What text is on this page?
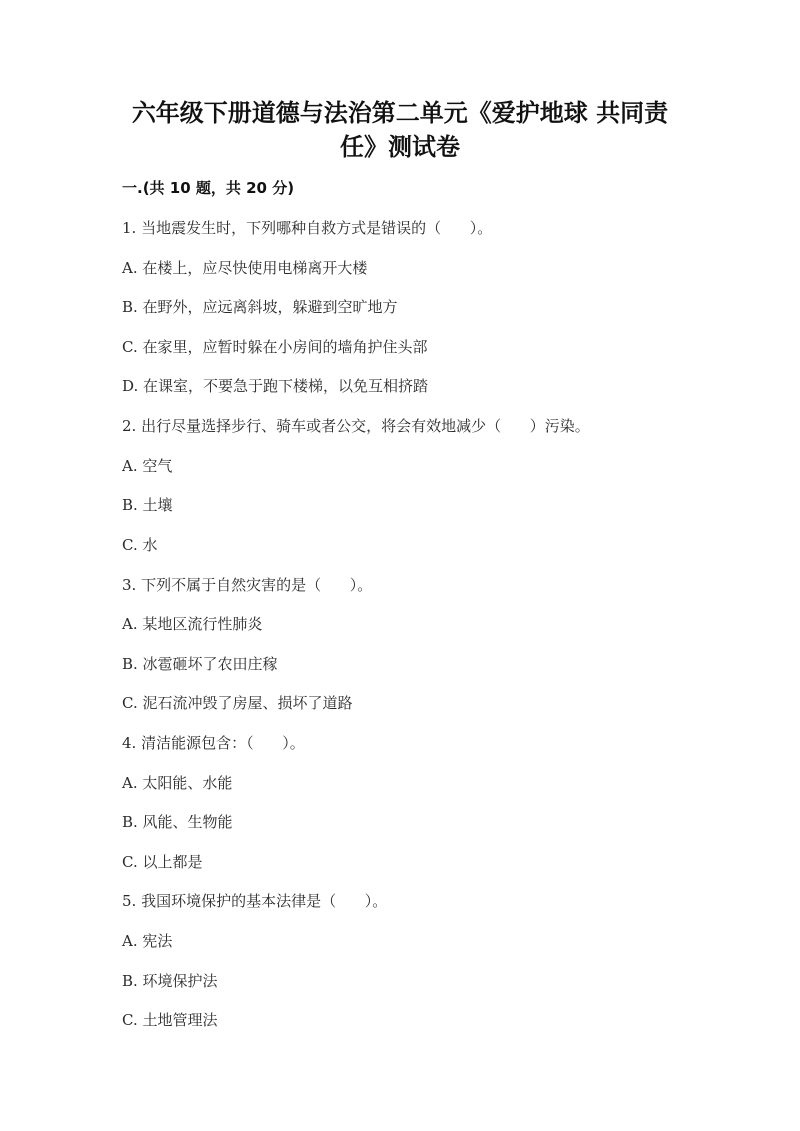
六年级下册道德与法治第二单元《爱护地球 共同责
任》测试卷
一.(共 10 题，共 20 分)

1. 当地震发生时，下列哪种自救方式是错误的（      ）。

A. 在楼上，应尽快使用电梯离开大楼

B. 在野外，应远离斜坡，躲避到空旷地方

C. 在家里，应暂时躲在小房间的墙角护住头部

D. 在课室，不要急于跑下楼梯，以免互相挤踏

2. 出行尽量选择步行、骑车或者公交，将会有效地减少（      ）污染。

A. 空气

B. 土壤

C. 水

3. 下列不属于自然灾害的是（      ）。

A. 某地区流行性肺炎

B. 冰雹砸坏了农田庄稼

C. 泥石流冲毁了房屋、损坏了道路

4. 清洁能源包含：（      ）。

A. 太阳能、水能

B. 风能、生物能

C. 以上都是

5. 我国环境保护的基本法律是（      ）。

A. 宪法

B. 环境保护法

C. 土地管理法
